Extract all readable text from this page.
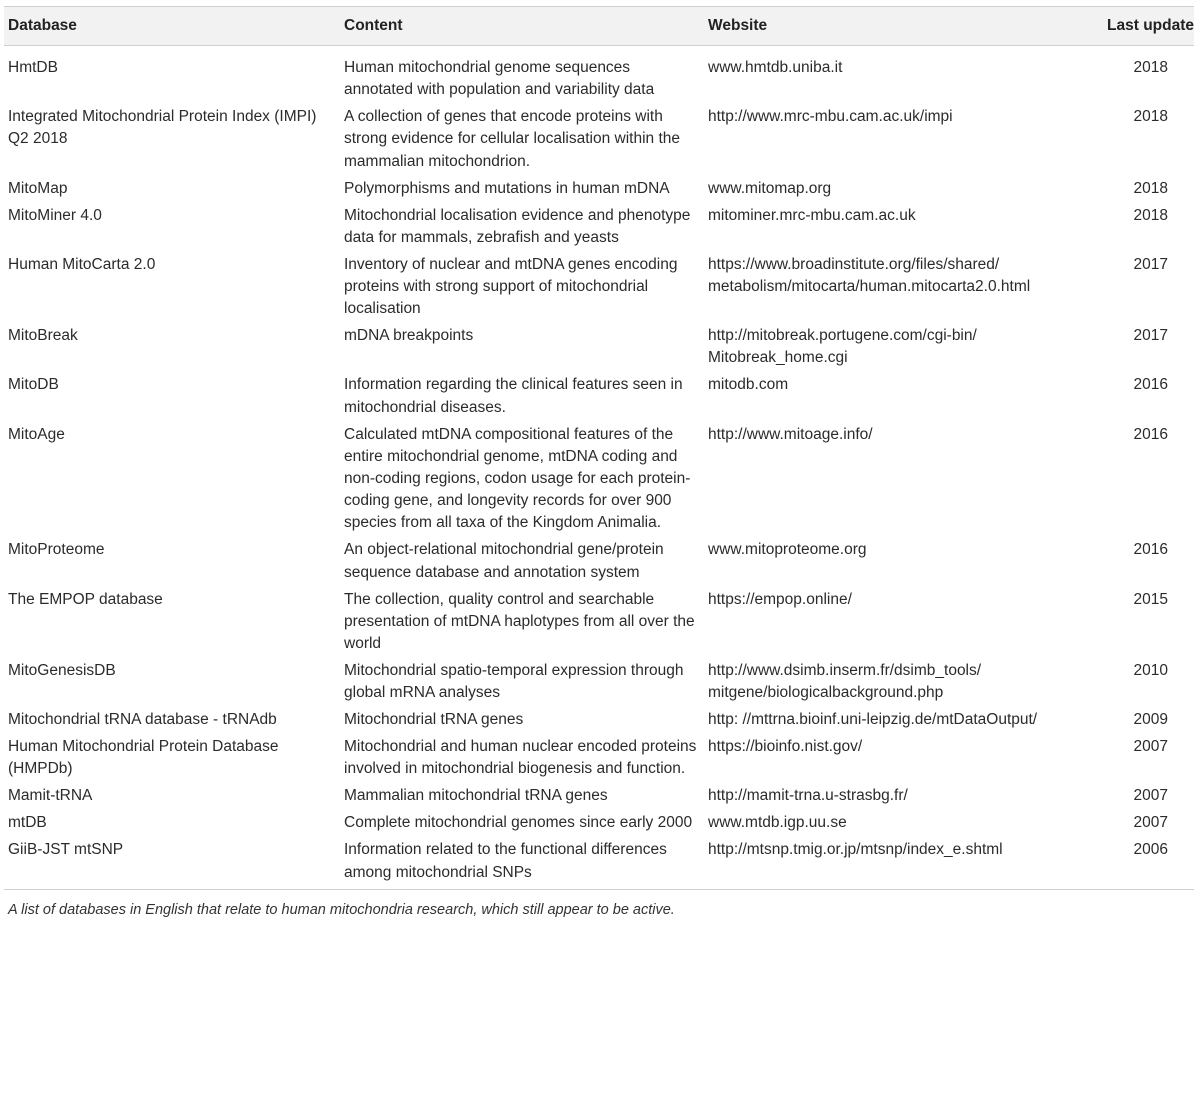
Database	Content	Website	Last update
HmtDB	Human mitochondrial genome sequences annotated with population and variability data	www.hmtdb.uniba.it	2018
Integrated Mitochondrial Protein Index (IMPI) Q2 2018	A collection of genes that encode proteins with strong evidence for cellular localisation within the mammalian mitochondrion.	http://www.mrc-mbu.cam.ac.uk/impi	2018
MitoMap	Polymorphisms and mutations in human mDNA	www.mitomap.org	2018
MitoMiner 4.0	Mitochondrial localisation evidence and phenotype data for mammals, zebrafish and yeasts	mitominer.mrc-mbu.cam.ac.uk	2018
Human MitoCarta 2.0	Inventory of nuclear and mtDNA genes encoding proteins with strong support of mitochondrial localisation	https://www.broadinstitute.org/files/shared/ metabolism/mitocarta/human.mitocarta2.0.html	2017
MitoBreak	mDNA breakpoints	http://mitobreak.portugene.com/cgi-bin/ Mitobreak_home.cgi	2017
MitoDB	Information regarding the clinical features seen in mitochondrial diseases.	mitodb.com	2016
MitoAge	Calculated mtDNA compositional features of the entire mitochondrial genome, mtDNA coding and non-coding regions, codon usage for each protein-coding gene, and longevity records for over 900 species from all taxa of the Kingdom Animalia.	http://www.mitoage.info/	2016
MitoProteome	An object-relational mitochondrial gene/protein sequence database and annotation system	www.mitoproteome.org	2016
The EMPOP database	The collection, quality control and searchable presentation of mtDNA haplotypes from all over the world	https://empop.online/	2015
MitoGenesisDB	Mitochondrial spatio-temporal expression through global mRNA analyses	http://www.dsimb.inserm.fr/dsimb_tools/ mitgene/biologicalbackground.php	2010
Mitochondrial tRNA database - tRNAdb	Mitochondrial tRNA genes	http: //mttrna.bioinf.uni-leipzig.de/mtDataOutput/	2009
Human Mitochondrial Protein Database (HMPDb)	Mitochondrial and human nuclear encoded proteins involved in mitochondrial biogenesis and function.	https://bioinfo.nist.gov/	2007
Mamit-tRNA	Mammalian mitochondrial tRNA genes	http://mamit-trna.u-strasbg.fr/	2007
mtDB	Complete mitochondrial genomes since early 2000	www.mtdb.igp.uu.se	2007
GiiB-JST mtSNP	Information related to the functional differences among mitochondrial SNPs	http://mtsnp.tmig.or.jp/mtsnp/index_e.shtml	2006
A list of databases in English that relate to human mitochondria research, which still appear to be active.
